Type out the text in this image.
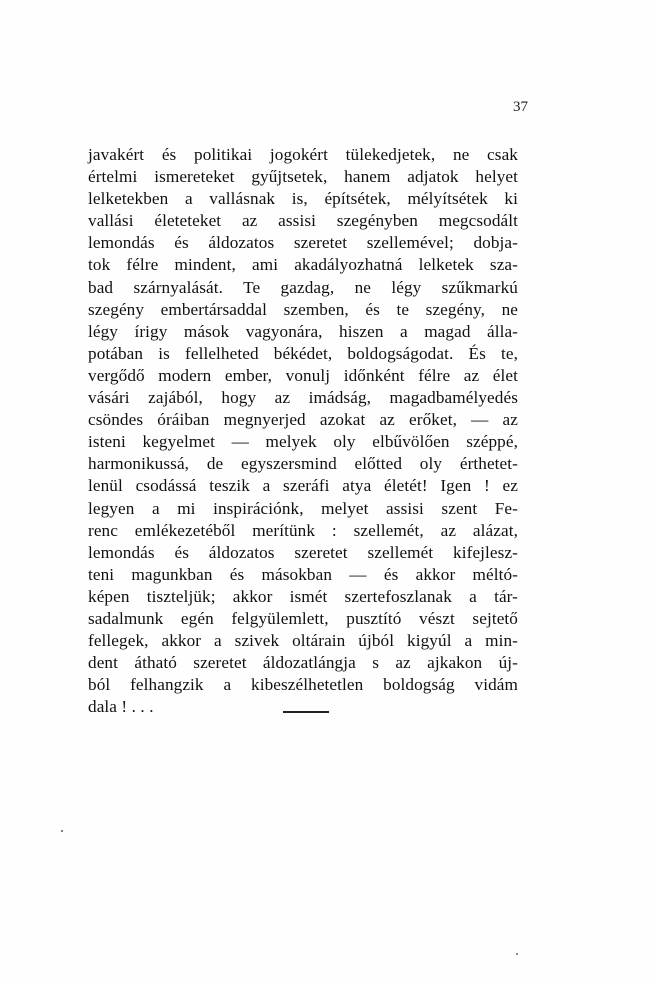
37
javakért és politikai jogokért tülekedjetek, ne csak
értelmi ismereteket gyűjtsetek, hanem adjatok helyet
lelketekben a vallásnak is, építsétek, mélyítsétek ki
vallási életeteket az assisi szegényben megcsodált
lemondás és áldozatos szeretet szellemével; dobja-
tok félre mindent, ami akadályozhatná lelketek sza-
bad szárnyalását. Te gazdag, ne légy szűkmarkú
szegény embertársaddal szemben, és te szegény, ne
légy írigy mások vagyonára, hiszen a magad álla-
potában is fellelheted békédet, boldogságodat. És te,
vergődő modern ember, vonulj időnként félre az élet
vásári zajából, hogy az imádság, magadbamélyedés
csöndes óráiban megnyerjed azokat az erőket, — az
isteni kegyelmet — melyek oly elbűvölően széppé,
harmonikussá, de egyszersmind előtted oly érthetet-
lenül csodássá teszik a szeráfi atya életét! Igen ! ez
legyen a mi inspirációnk, melyet assisi szent Fe-
renc emlékezetéből merítünk : szellemét, az alázat,
lemondás és áldozatos szeretet szellemét kifejlesz-
teni magunkban és másokban — és akkor méltó-
képen tiszteljük; akkor ismét szertefoszlanak a tár-
sadalmunk egén felgyülemlett, pusztító vészt sejtető
fellegek, akkor a szivek oltárain újból kigyúl a min-
dent átható szeretet áldozatlángja s az ajkakon új-
ból felhangzik a kibeszélhetetlen boldogság vidám
dala ! . . .
